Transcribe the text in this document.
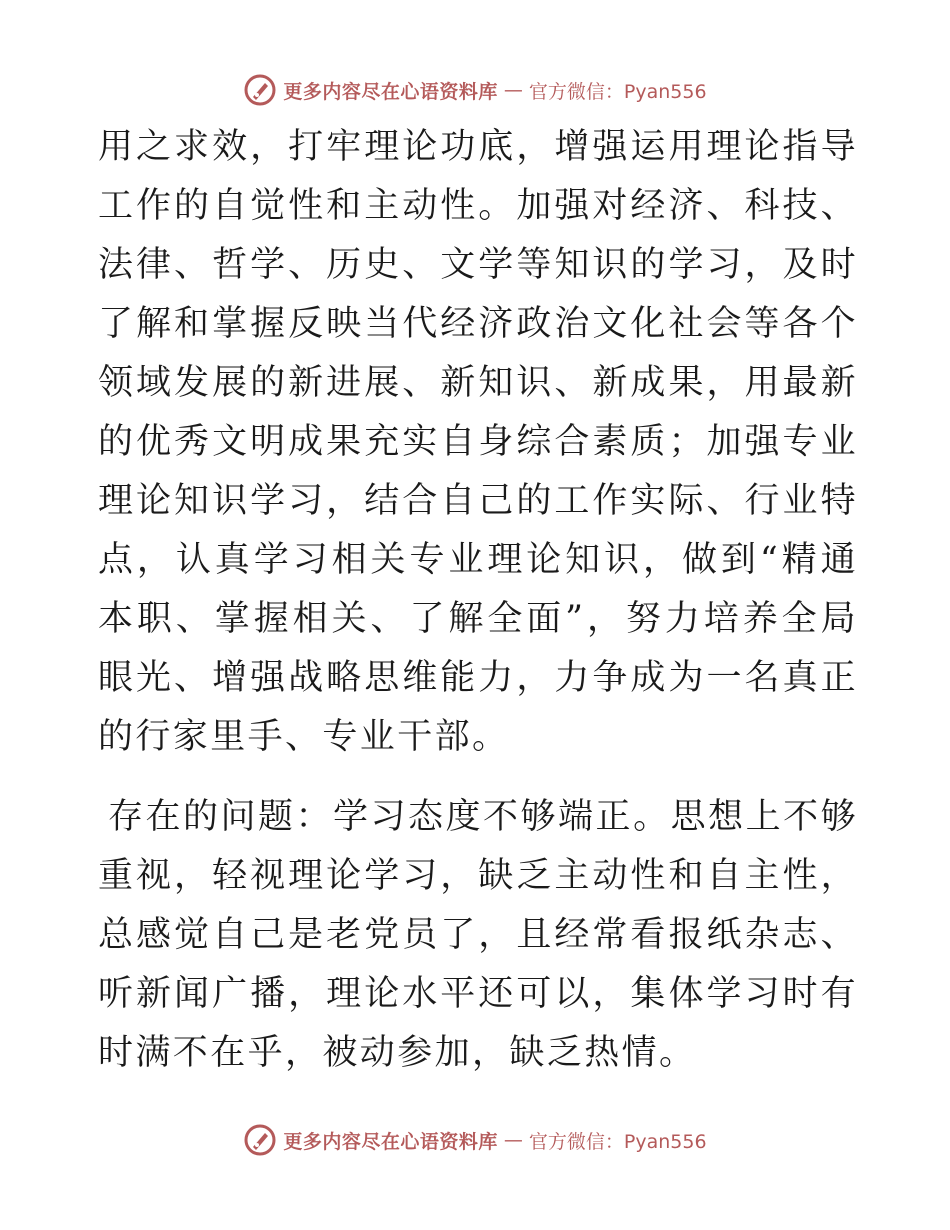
更多内容尽在心语资料库 — 官方微信：Pyan556

用之求效，打牢理论功底，增强运用理论指导工作的自觉性和主动性。加强对经济、科技、法律、哲学、历史、文学等知识的学习，及时了解和掌握反映当代经济政治文化社会等各个领域发展的新进展、新知识、新成果，用最新的优秀文明成果充实自身综合素质；加强专业理论知识学习，结合自己的工作实际、行业特点，认真学习相关专业理论知识，做到“精通本职、掌握相关、了解全面”，努力培养全局眼光、增强战略思维能力，力争成为一名真正的行家里手、专业干部。

存在的问题：学习态度不够端正。思想上不够重视，轻视理论学习，缺乏主动性和自主性，总感觉自己是老党员了，且经常看报纸杂志、听新闻广播，理论水平还可以，集体学习时有时满不在乎，被动参加，缺乏热情。

更多内容尽在心语资料库 — 官方微信：Pyan556
